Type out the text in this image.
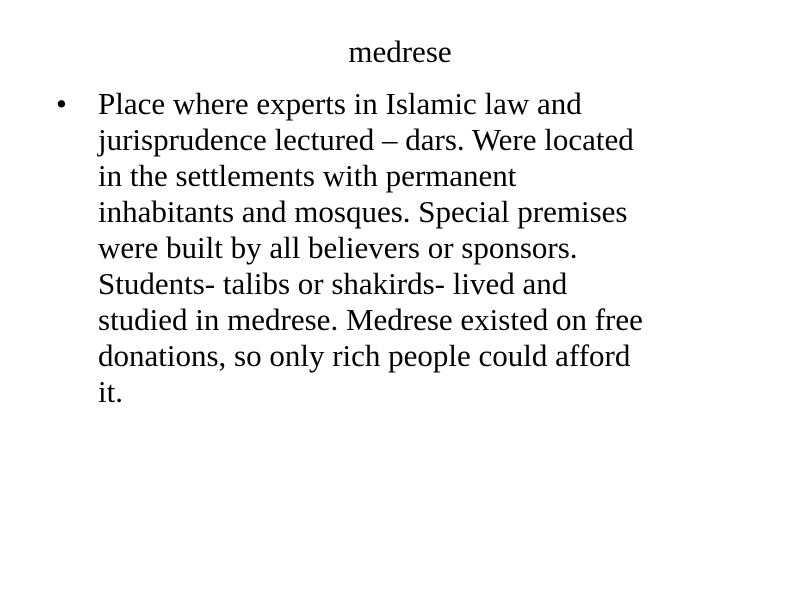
medrese
• Place where experts in Islamic law and
jurisprudence lectured – dars. Were located
in the settlements with permanent
inhabitants and mosques. Special premises
were built by all believers or sponsors.
Students- talibs or shakirds- lived and
studied in medrese. Medrese existed on free
donations, so only rich people could afford
it.
